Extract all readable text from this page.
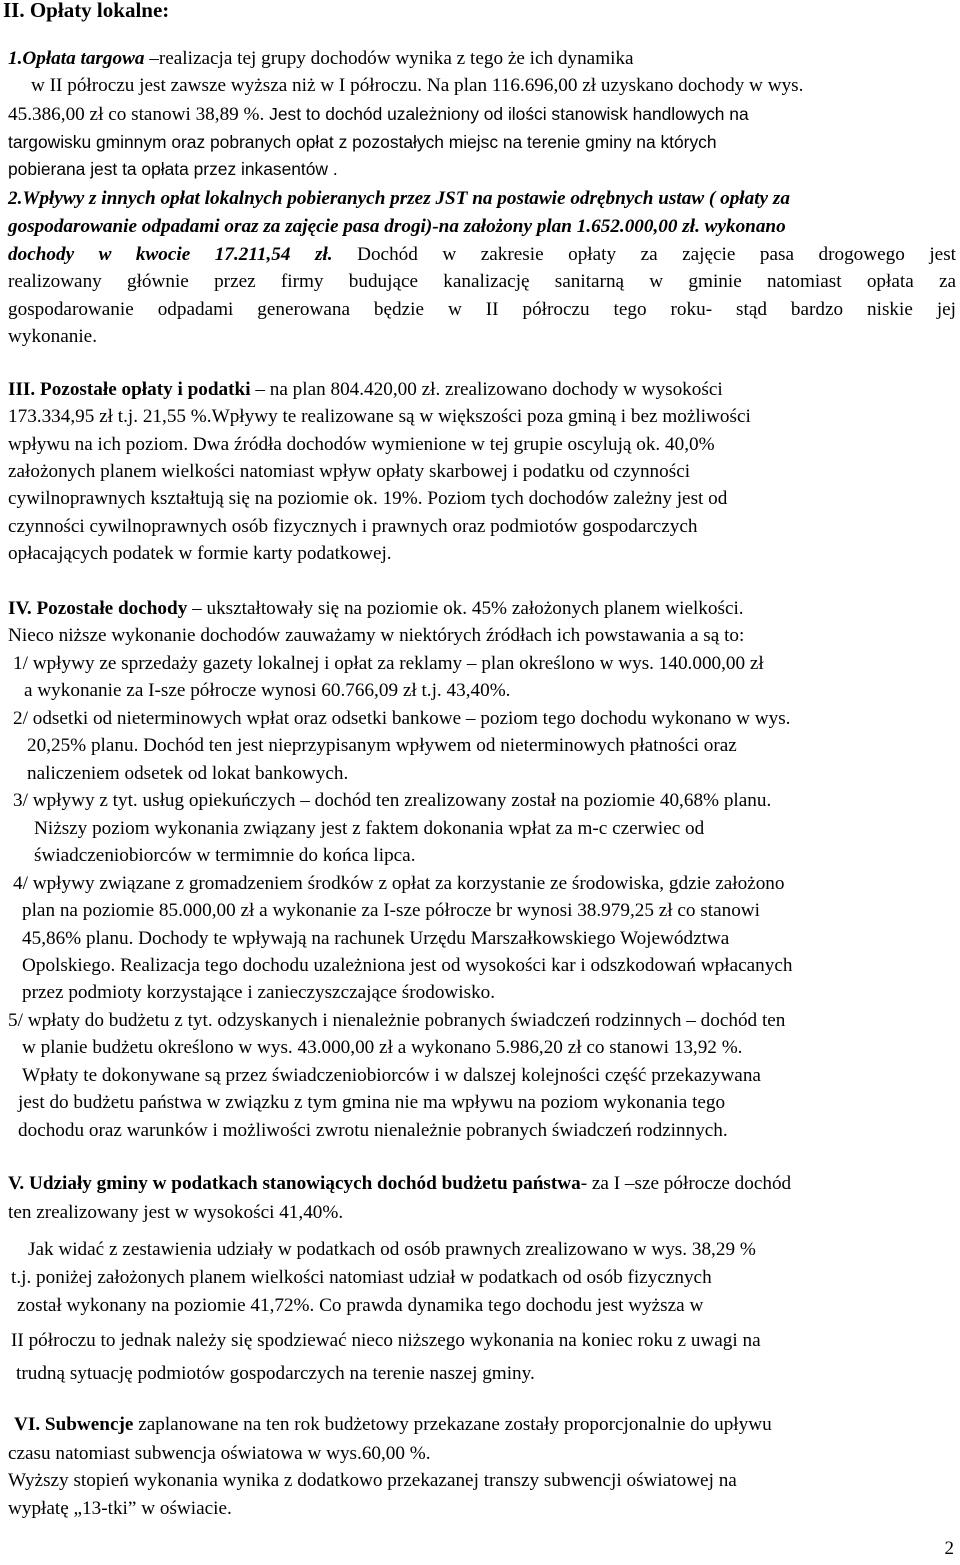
II. Opłaty lokalne:
1.Opłata targowa –realizacja tej grupy dochodów wynika z tego że ich dynamika
w II półroczu jest zawsze wyższa niż w I półroczu. Na plan 116.696,00 zł uzyskano dochody w wys.
45.386,00 zł co stanowi 38,89 %. Jest to dochód uzależniony od ilości stanowisk handlowych na
targowisku gminnym oraz pobranych opłat z pozostałych miejsc na terenie gminy na których
pobierana jest ta opłata przez inkasentów .
2.Wpływy z innych opłat lokalnych pobieranych przez JST na postawie odrębnych ustaw ( opłaty za
gospodarowanie odpadami oraz za zajęcie pasa drogi)-na założony plan 1.652.000,00 zł. wykonano
dochody w kwocie 17.211,54 zł. Dochód w zakresie opłaty za zajęcie pasa drogowego jest
realizowany głównie przez firmy budujące kanalizację sanitarną w gminie natomiast opłata za
gospodarowanie odpadami generowana będzie w II półroczu tego roku- stąd bardzo niskie jej
wykonanie.
III. Pozostałe opłaty i podatki – na plan 804.420,00 zł. zrealizowano dochody w wysokości
173.334,95 zł t.j. 21,55 %.Wpływy te realizowane są w większości poza gminą i bez możliwości
wpływu na ich poziom. Dwa źródła dochodów wymienione w tej grupie oscylują ok. 40,0%
założonych planem wielkości natomiast wpływ opłaty skarbowej i podatku od czynności
cywilnoprawnych kształtują się na poziomie ok. 19%. Poziom tych dochodów zależny jest od
czynności cywilnoprawnych osób fizycznych i prawnych oraz podmiotów gospodarczych
opłacających podatek w formie karty podatkowej.
IV. Pozostałe dochody – ukształtowały się na poziomie ok. 45% założonych planem wielkości.
Nieco niższe wykonanie dochodów zauważamy w niektórych źródłach ich powstawania a są to:
1/ wpływy ze sprzedaży gazety lokalnej i opłat za reklamy – plan określono w wys. 140.000,00 zł
a wykonanie za I-sze półrocze wynosi 60.766,09 zł t.j. 43,40%.
2/ odsetki od nieterminowych wpłat oraz odsetki bankowe – poziom tego dochodu wykonano w wys.
20,25% planu. Dochód ten jest nieprzypisanym wpływem od nieterminowych płatności oraz
naliczeniem odsetek od lokat bankowych.
3/ wpływy z tyt. usług opiekuńczych – dochód ten zrealizowany został na poziomie 40,68% planu.
Niższy poziom wykonania związany jest z faktem dokonania wpłat za m-c czerwiec od
świadczeniobiorców w termimnie do końca lipca.
4/ wpływy związane z gromadzeniem środków z opłat za korzystanie ze środowiska, gdzie założono
plan na poziomie 85.000,00 zł a wykonanie za I-sze półrocze br wynosi 38.979,25 zł co stanowi
45,86% planu. Dochody te wpływają na rachunek Urzędu Marszałkowskiego Województwa
Opolskiego. Realizacja tego dochodu uzależniona jest od wysokości kar i odszkodowań wpłacanych
przez podmioty korzystające i zanieczyszczające środowisko.
5/ wpłaty do budżetu z tyt. odzyskanych i nienależnie pobranych świadczeń rodzinnych – dochód ten
w planie budżetu określono w wys. 43.000,00 zł a wykonano 5.986,20 zł co stanowi 13,92 %.
Wpłaty te dokonywane są przez świadczeniobiorców i w dalszej kolejności część przekazywana
jest do budżetu państwa w związku z tym gmina nie ma wpływu na poziom wykonania tego
dochodu oraz warunków i możliwości zwrotu nienależnie pobranych świadczeń rodzinnych.
V. Udziały gminy w podatkach stanowiących dochód budżetu państwa- za I –sze półrocze dochód
ten zrealizowany jest w wysokości 41,40%.
Jak widać z zestawienia udziały w podatkach od osób prawnych zrealizowano w wys. 38,29 %
t.j. poniżej założonych planem wielkości natomiast udział w podatkach od osób fizycznych
został wykonany na poziomie 41,72%. Co prawda dynamika tego dochodu jest wyższa w
II półroczu to jednak należy się spodziewać nieco niższego wykonania na koniec roku z uwagi na
trudną sytuację podmiotów gospodarczych na terenie naszej gminy.
VI. Subwencje zaplanowane na ten rok budżetowy przekazane zostały proporcjonalnie do upływu
czasu natomiast subwencja oświatowa w wys.60,00 %.
Wyższy stopień wykonania wynika z dodatkowo przekazanej transzy subwencji oświatowej na
wypłatę „13-tki” w oświacie.
2
